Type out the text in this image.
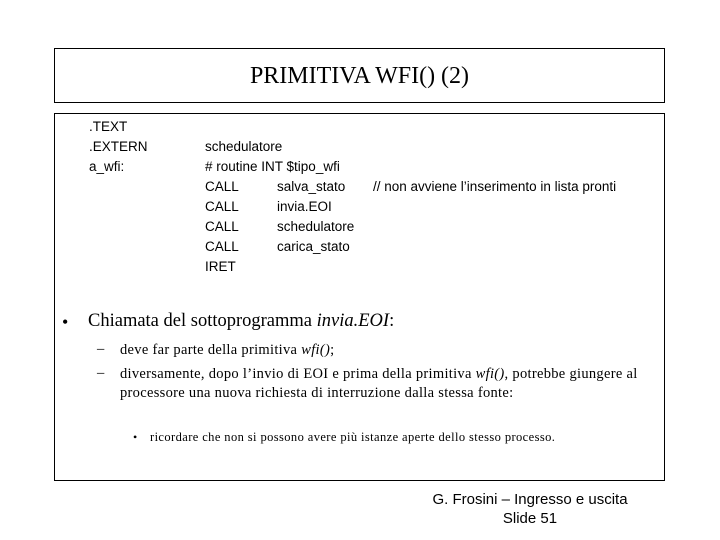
PRIMITIVA WFI() (2)
.TEXT
.EXTERN
a_wfi:
schedulatore
# routine INT $tipo_wfi
CALL
CALL
CALL
CALL
IRET
salva_stato
invia.EOI
schedulatore
carica_stato
// non avviene l’inserimento in lista pronti
• Chiamata del sottoprogramma invia.EOI:
– deve far parte della primitiva wfi();
– diversamente, dopo l’invio di EOI e prima della primitiva wfi(), potrebbe giungere al processore una nuova richiesta di interruzione dalla stessa fonte:
• ricordare che non si possono avere più istanze aperte dello stesso processo.
G. Frosini – Ingresso e uscita
Slide 51
